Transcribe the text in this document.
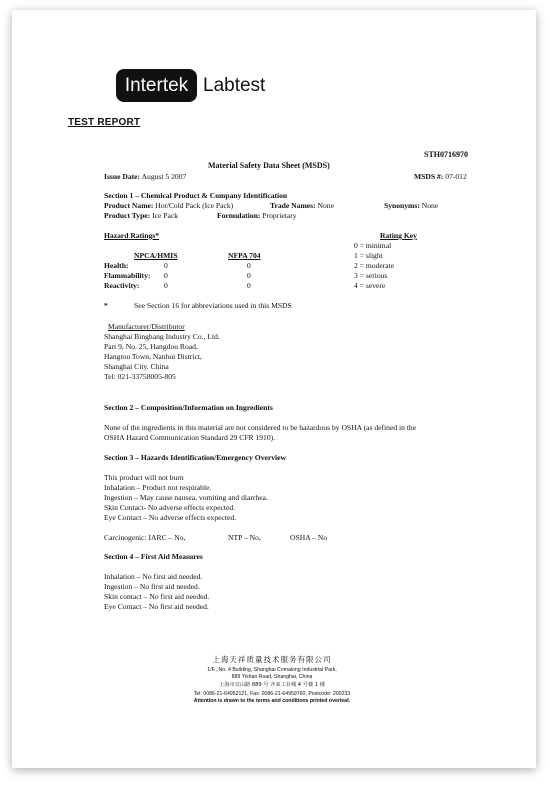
Intertek Labtest
TEST REPORT
STH0716970
Material Safety Data Sheet (MSDS)
Issue Date: August 5 2007	MSDS #: 07-012
Section 1 – Chemical Product & Company Identification
Product Name: Hot/Cold Pack (Ice Pack)	Trade Names: None	Synonyms: None
Product Type: Ice Pack	Formulation: Proprietary
Hazard Ratings*	Rating Key
NPCA/HMIS	NFPA 704
Health:	0	0
Flammability: 0	0
Reactivity:	0	0
0 = minimal
1 = slight
2 = moderate
3 = serious
4 = severe
*	See Section 16 for abbreviations used in this MSDS
Manufacturer/Distributor
Shanghai Binghang Industry Co., Ltd.
Part 9, No. 25, Hangdou Road,
Hangtou Town, Nanhui District,
Shanghai City. China
Tel: 021-33758005-805
Section 2 – Composition/Information on Ingredients
None of the ingredients in this material are not considered to be hazardous by OSHA (as defined in the
OSHA Hazard Communication Standard 29 CFR 1910).
Section 3 – Hazards Identification/Emergency Overview
This product will not burn
Inhalation – Product not respirable.
Ingestion – May cause nausea, vomiting and diarrhea.
Skin Contact- No adverse effects expected.
Eye Contact – No adverse effects expected.
Carcinogenic: IARC – No,	NTP – No,	OSHA – No
Section 4 – First Aid Measures
Inhalation – No first aid needed.
Ingestion – No first aid needed.
Skin contact – No first aid needed.
Eye Contact – No first aid needed.
上海天祥质量技术服务有限公司
1/F., No. 4 Building, Shanghai Comalong Industrial Park,
889 Yishan Road, Shanghai, China
上海市宜山路 889 号 齐来工业城 4 号楼 1 楼
Tel: 0086-21-64952121, Fax: 0086-21-64959760, Postcode: 200233
Attention is drawn to the terms and conditions printed overleaf.
